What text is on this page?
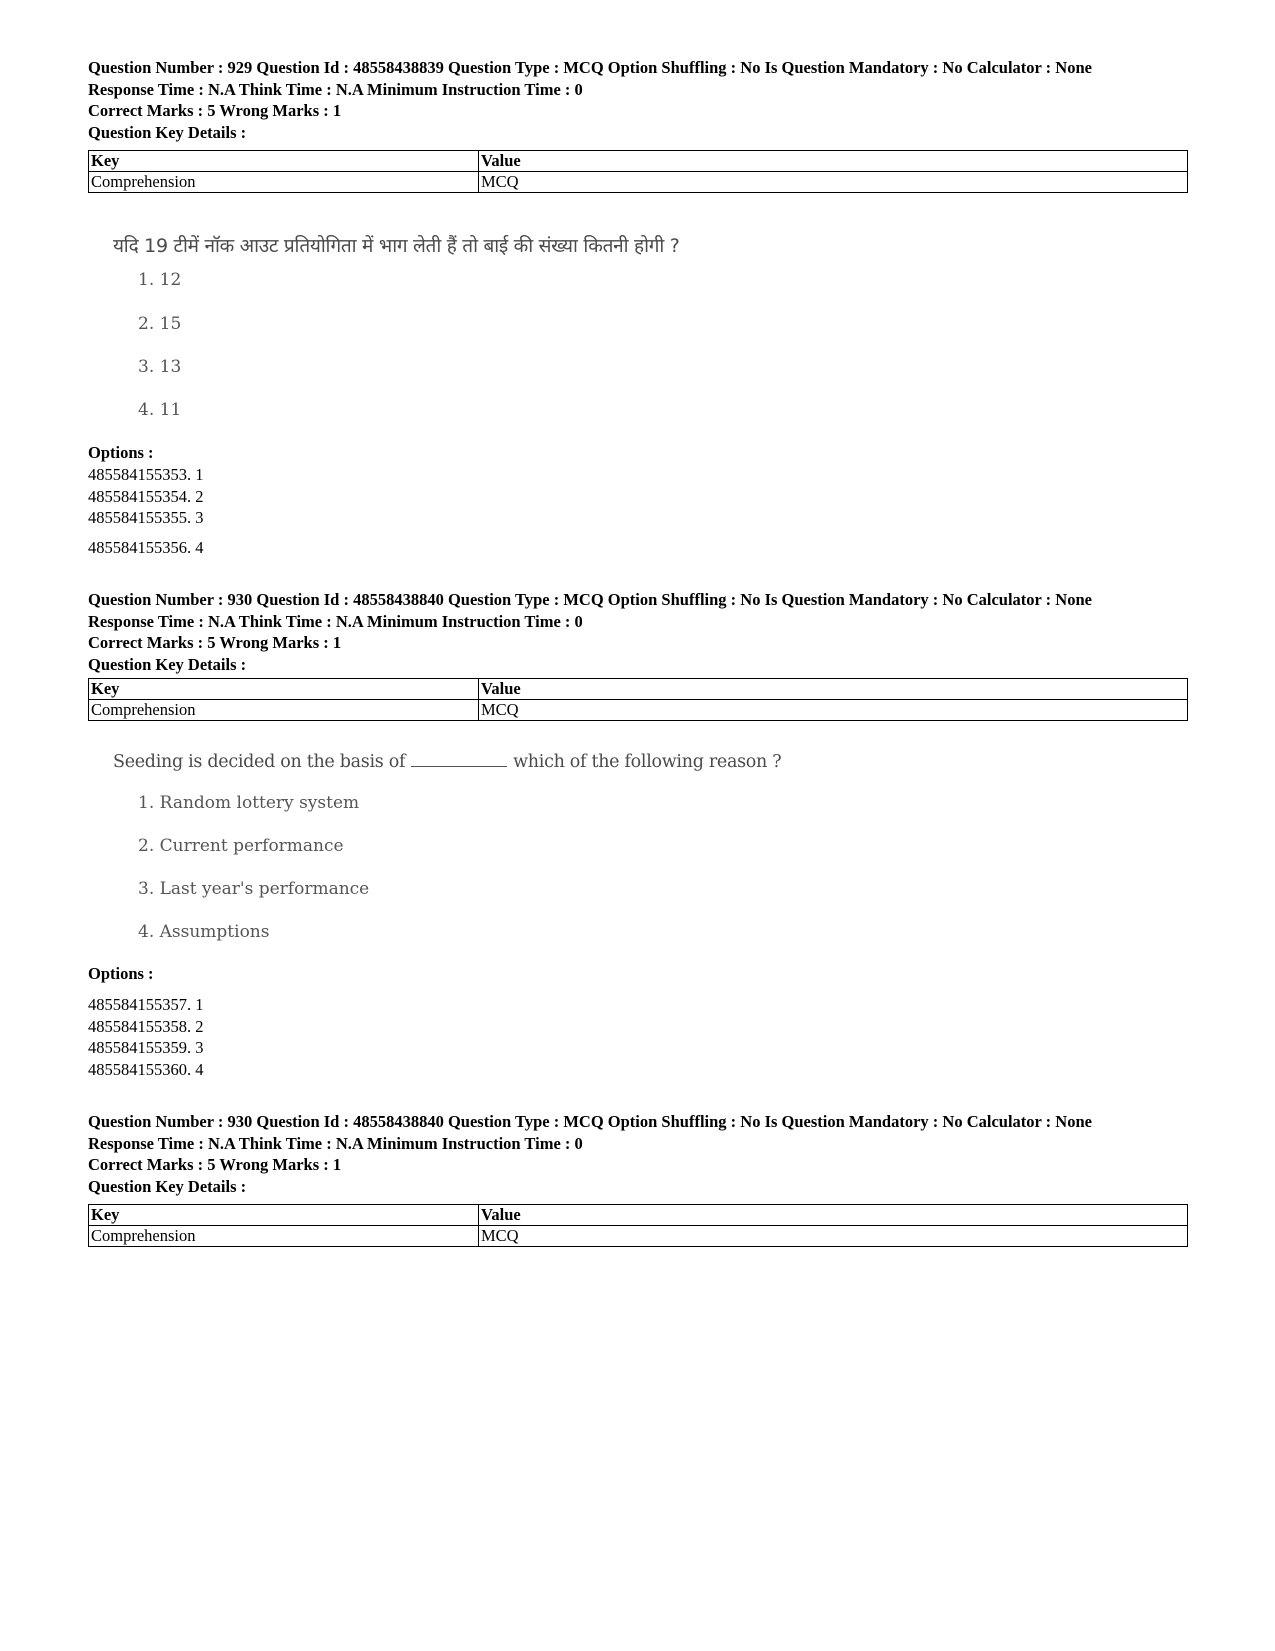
Question Number : 929 Question Id : 48558438839 Question Type : MCQ Option Shuffling : No Is Question Mandatory : No Calculator : None
Response Time : N.A Think Time : N.A Minimum Instruction Time : 0
Correct Marks : 5 Wrong Marks : 1
Question Key Details :
Key	Value
Comprehension	MCQ
यदि 19 टीमें नॉक आउट प्रतियोगिता में भाग लेती हैं तो बाई की संख्या कितनी होगी ?
1. 12
2. 15
3. 13
4. 11
Options :
485584155353. 1
485584155354. 2
485584155355. 3
485584155356. 4
Question Number : 930 Question Id : 48558438840 Question Type : MCQ Option Shuffling : No Is Question Mandatory : No Calculator : None
Response Time : N.A Think Time : N.A Minimum Instruction Time : 0
Correct Marks : 5 Wrong Marks : 1
Question Key Details :
Key	Value
Comprehension	MCQ
Seeding is decided on the basis of	which of the following reason ?
1. Random lottery system
2. Current performance
3. Last year's performance
4. Assumptions
Options :
485584155357. 1
485584155358. 2
485584155359. 3
485584155360. 4
Question Number : 930 Question Id : 48558438840 Question Type : MCQ Option Shuffling : No Is Question Mandatory : No Calculator : None
Response Time : N.A Think Time : N.A Minimum Instruction Time : 0
Correct Marks : 5 Wrong Marks : 1
Question Key Details :
Key	Value
Comprehension	MCQ
